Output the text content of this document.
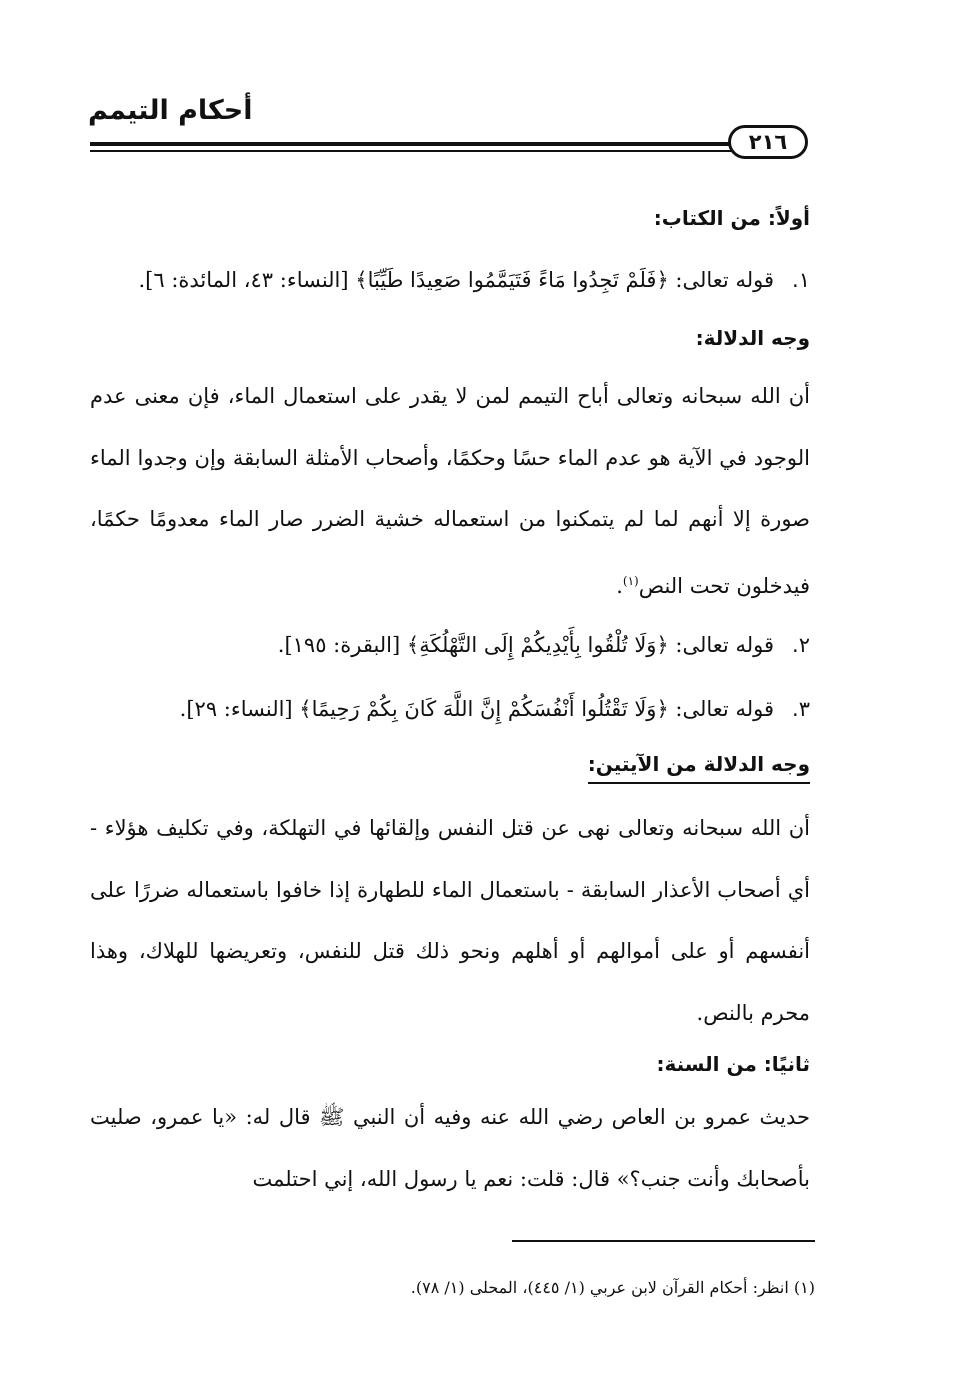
أحكام التيمم
٢١٦
أولاً: من الكتاب:
١.قوله تعالى: ﴿فَلَمْ تَجِدُوا مَاءً فَتَيَمَّمُوا صَعِيدًا طَيِّبًا﴾ [النساء: ٤٣، المائدة: ٦].
وجه الدلالة:
أن الله سبحانه وتعالى أباح التيمم لمن لا يقدر على استعمال الماء، فإن معنى عدم الوجود في الآية هو عدم الماء حسًا وحكمًا، وأصحاب الأمثلة السابقة وإن وجدوا الماء صورة إلا أنهم لما لم يتمكنوا من استعماله خشية الضرر صار الماء معدومًا حكمًا، فيدخلون تحت النص$^{(١)}$.
٢.قوله تعالى: ﴿وَلَا تُلْقُوا بِأَيْدِيكُمْ إِلَى التَّهْلُكَةِ﴾ [البقرة: ١٩٥].
٣.قوله تعالى: ﴿وَلَا تَقْتُلُوا أَنْفُسَكُمْ إِنَّ اللَّهَ كَانَ بِكُمْ رَحِيمًا﴾ [النساء: ٢٩].
وجه الدلالة من الآيتين:
أن الله سبحانه وتعالى نهى عن قتل النفس وإلقائها في التهلكة، وفي تكليف هؤلاء - أي أصحاب الأعذار السابقة - باستعمال الماء للطهارة إذا خافوا باستعماله ضررًا على أنفسهم أو على أموالهم أو أهلهم ونحو ذلك قتل للنفس، وتعريضها للهلاك، وهذا محرم بالنص.
ثانيًا: من السنة:
حديث عمرو بن العاص رضي الله عنه وفيه أن النبي ﷺ قال له: «يا عمرو، صليت بأصحابك وأنت جنب؟» قال: قلت: نعم يا رسول الله، إني احتلمت
(١) انظر: أحكام القرآن لابن عربي (١/ ٤٤٥)، المحلى (١/ ٧٨).
